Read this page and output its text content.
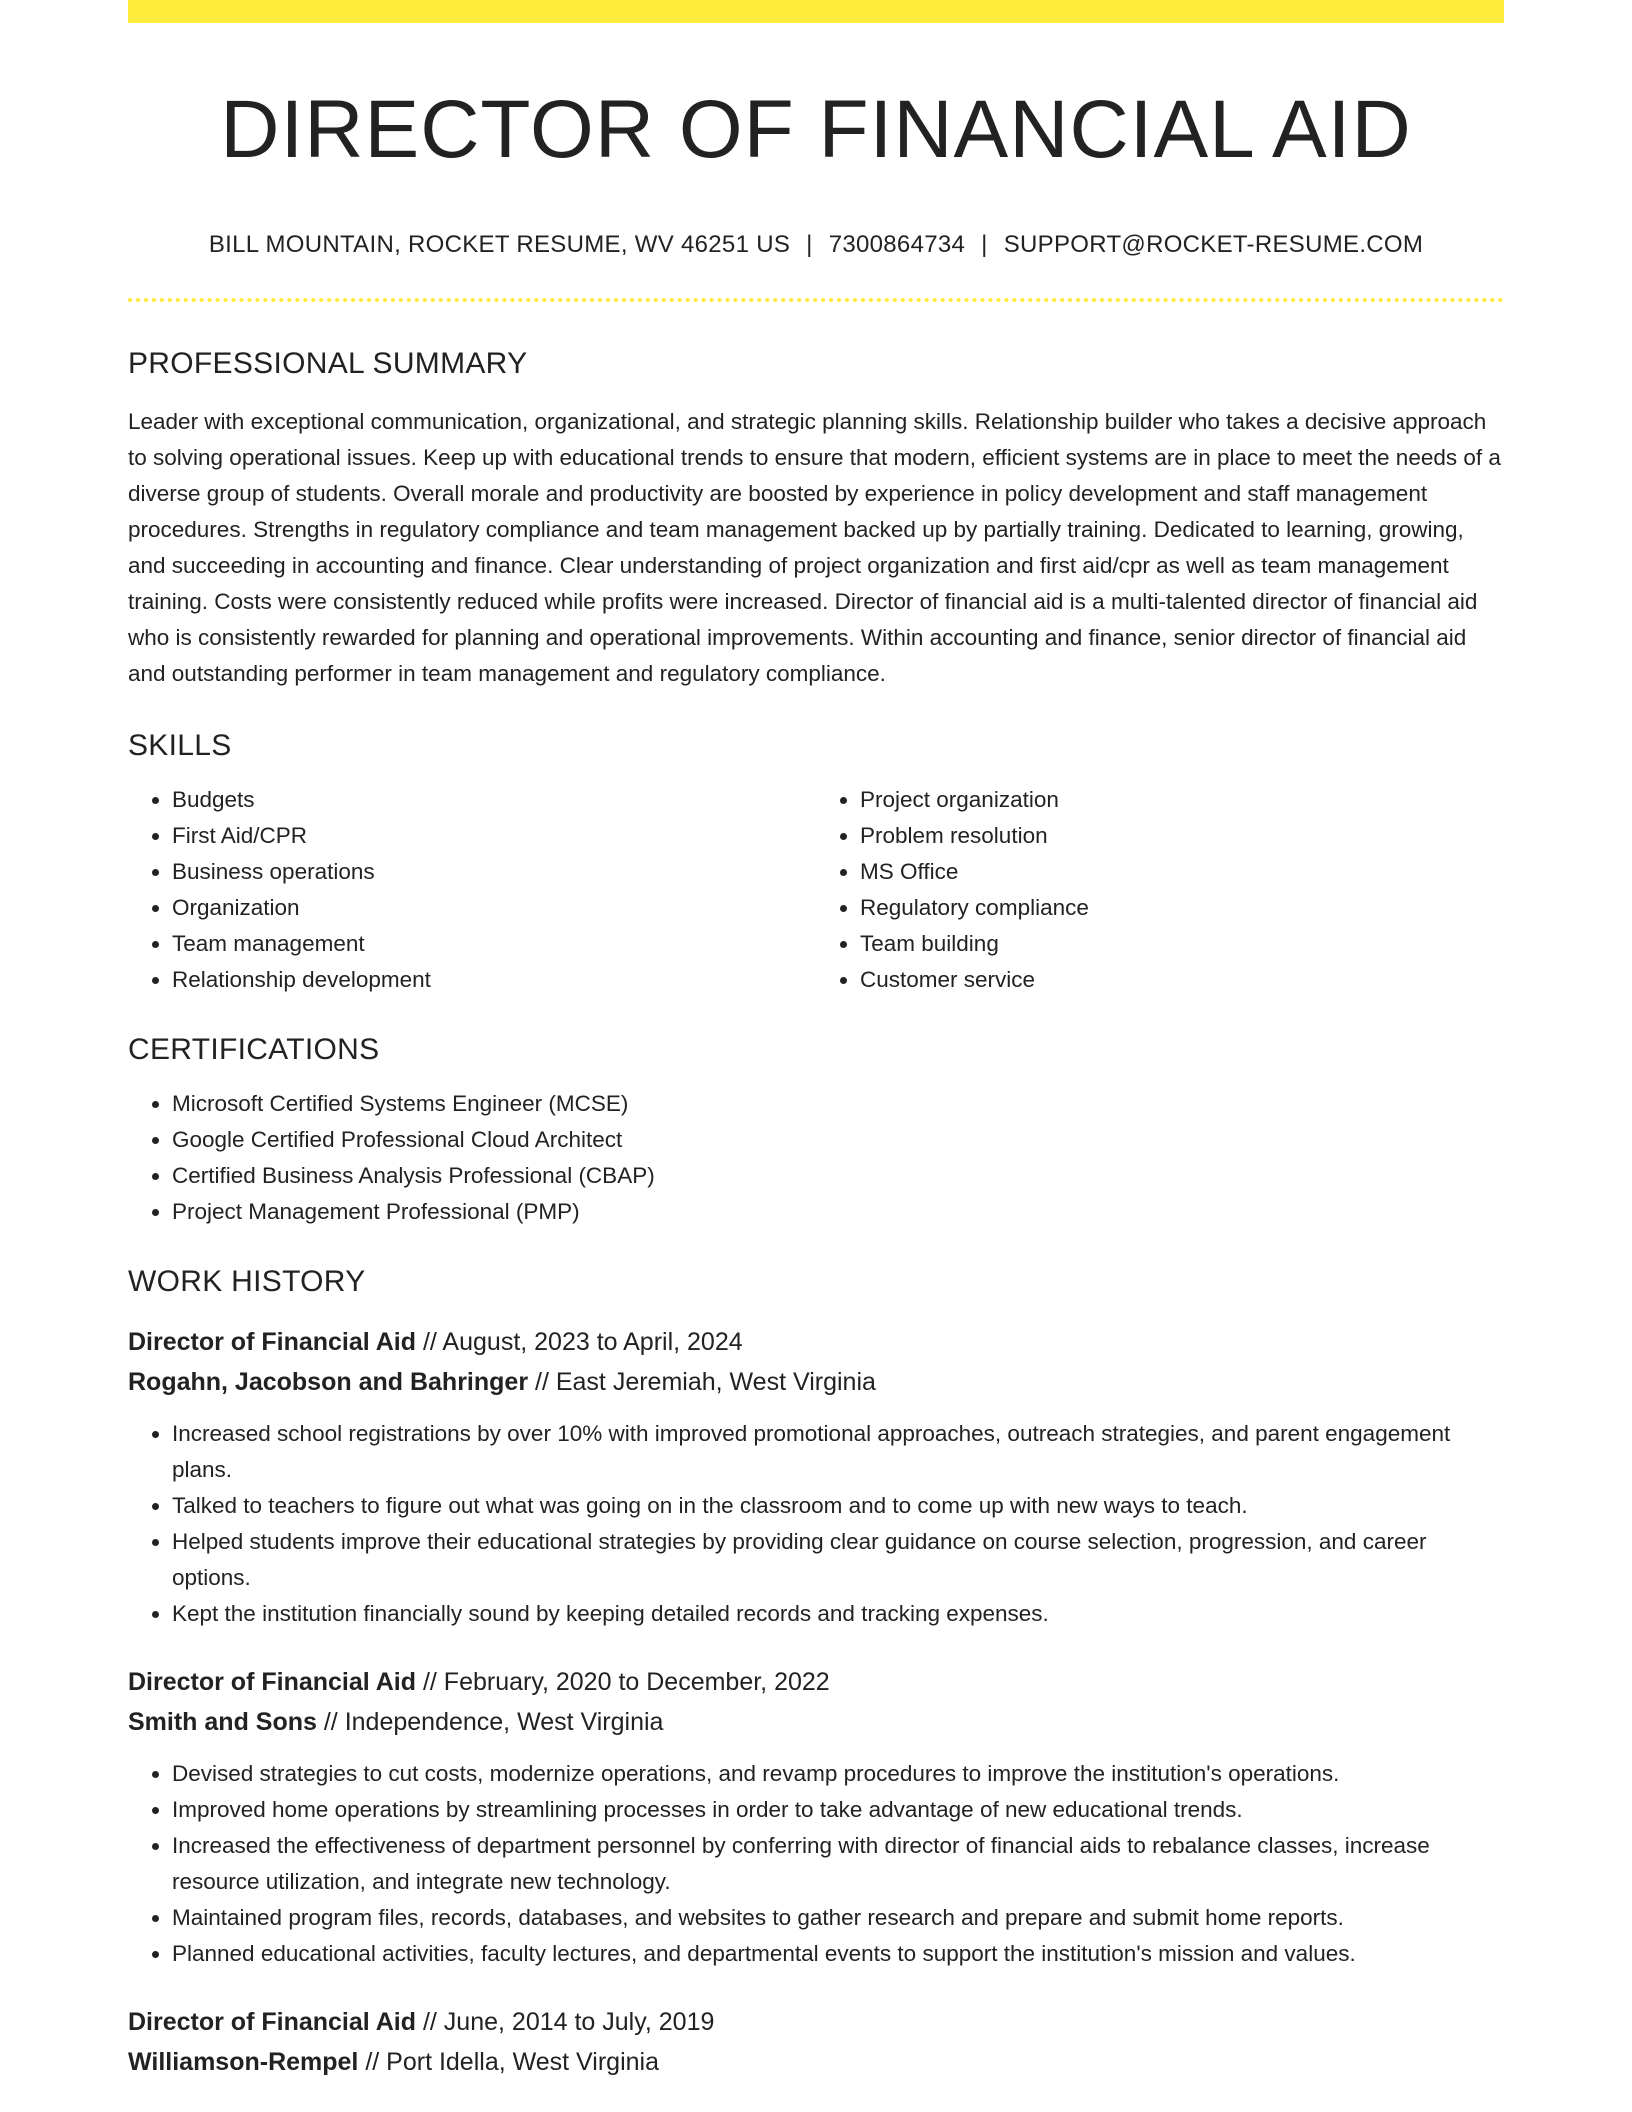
DIRECTOR OF FINANCIAL AID
BILL MOUNTAIN, ROCKET RESUME, WV 46251 US | 7300864734 | SUPPORT@ROCKET-RESUME.COM
PROFESSIONAL SUMMARY

Leader with exceptional communication, organizational, and strategic planning skills. Relationship builder who takes a decisive approach to solving operational issues. Keep up with educational trends to ensure that modern, efficient systems are in place to meet the needs of a diverse group of students. Overall morale and productivity are boosted by experience in policy development and staff management procedures. Strengths in regulatory compliance and team management backed up by partially training. Dedicated to learning, growing, and succeeding in accounting and finance. Clear understanding of project organization and first aid/cpr as well as team management training. Costs were consistently reduced while profits were increased. Director of financial aid is a multi-talented director of financial aid who is consistently rewarded for planning and operational improvements. Within accounting and finance, senior director of financial aid and outstanding performer in team management and regulatory compliance.

SKILLS
• Budgets
• First Aid/CPR
• Business operations
• Organization
• Team management
• Relationship development
• Project organization
• Problem resolution
• MS Office
• Regulatory compliance
• Team building
• Customer service
CERTIFICATIONS
• Microsoft Certified Systems Engineer (MCSE)
• Google Certified Professional Cloud Architect
• Certified Business Analysis Professional (CBAP)
• Project Management Professional (PMP)
WORK HISTORY
Director of Financial Aid // August, 2023 to April, 2024
Rogahn, Jacobson and Bahringer // East Jeremiah, West Virginia
• Increased school registrations by over 10% with improved promotional approaches, outreach strategies, and parent engagement plans.
• Talked to teachers to figure out what was going on in the classroom and to come up with new ways to teach.
• Helped students improve their educational strategies by providing clear guidance on course selection, progression, and career options.
• Kept the institution financially sound by keeping detailed records and tracking expenses.
Director of Financial Aid // February, 2020 to December, 2022
Smith and Sons // Independence, West Virginia
• Devised strategies to cut costs, modernize operations, and revamp procedures to improve the institution's operations.
• Improved home operations by streamlining processes in order to take advantage of new educational trends.
• Increased the effectiveness of department personnel by conferring with director of financial aids to rebalance classes, increase resource utilization, and integrate new technology.
• Maintained program files, records, databases, and websites to gather research and prepare and submit home reports.
• Planned educational activities, faculty lectures, and departmental events to support the institution's mission and values.
Director of Financial Aid // June, 2014 to July, 2019
Williamson-Rempel // Port Idella, West Virginia
